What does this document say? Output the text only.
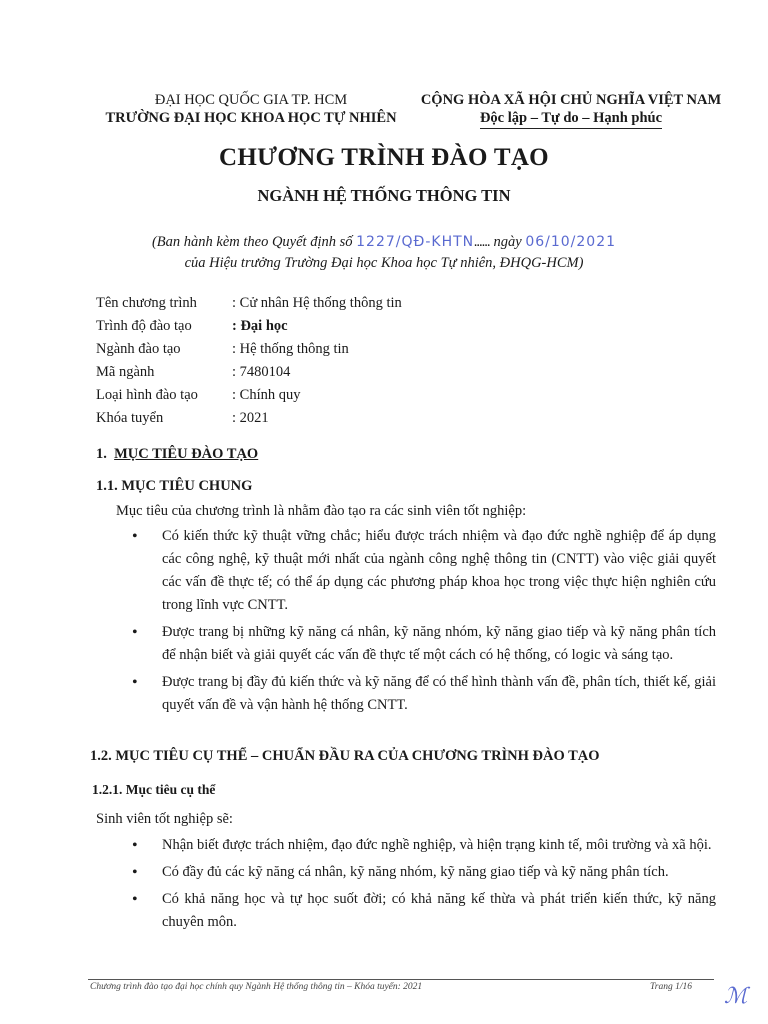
ĐẠI HỌC QUỐC GIA TP. HCM
TRƯỜNG ĐẠI HỌC KHOA HỌC TỰ NHIÊN
CỘNG HÒA XÃ HỘI CHỦ NGHĨA VIỆT NAM
Độc lập – Tự do – Hạnh phúc
CHƯƠNG TRÌNH ĐÀO TẠO
NGÀNH HỆ THỐNG THÔNG TIN
(Ban hành kèm theo Quyết định số 1227/QĐ-KHTN...... ngày 06/10/2021
của Hiệu trưởng Trường Đại học Khoa học Tự nhiên, ĐHQG-HCM)
Tên chương trình	: Cử nhân Hệ thống thông tin
Trình độ đào tạo	: Đại học
Ngành đào tạo	: Hệ thống thông tin
Mã ngành	: 7480104
Loại hình đào tạo	: Chính quy
Khóa tuyển	: 2021
1. MỤC TIÊU ĐÀO TẠO
1.1. MỤC TIÊU CHUNG
Mục tiêu của chương trình là nhằm đào tạo ra các sinh viên tốt nghiệp:
• Có kiến thức kỹ thuật vững chắc; hiểu được trách nhiệm và đạo đức nghề nghiệp để áp dụng các công nghệ, kỹ thuật mới nhất của ngành công nghệ thông tin (CNTT) vào việc giải quyết các vấn đề thực tế; có thể áp dụng các phương pháp khoa học trong việc thực hiện nghiên cứu trong lĩnh vực CNTT.
• Được trang bị những kỹ năng cá nhân, kỹ năng nhóm, kỹ năng giao tiếp và kỹ năng phân tích để nhận biết và giải quyết các vấn đề thực tế một cách có hệ thống, có logic và sáng tạo.
• Được trang bị đầy đủ kiến thức và kỹ năng để có thể hình thành vấn đề, phân tích, thiết kế, giải quyết vấn đề và vận hành hệ thống CNTT.
1.2. MỤC TIÊU CỤ THỂ – CHUẨN ĐẦU RA CỦA CHƯƠNG TRÌNH ĐÀO TẠO
1.2.1. Mục tiêu cụ thể
Sinh viên tốt nghiệp sẽ:
• Nhận biết được trách nhiệm, đạo đức nghề nghiệp, và hiện trạng kinh tế, môi trường và xã hội.
• Có đầy đủ các kỹ năng cá nhân, kỹ năng nhóm, kỹ năng giao tiếp và kỹ năng phân tích.
• Có khả năng học và tự học suốt đời; có khả năng kế thừa và phát triển kiến thức, kỹ năng chuyên môn.
Chương trình đào tạo đại học chính quy Ngành Hệ thống thông tin – Khóa tuyển: 2021	Trang 1/16 ℳ
